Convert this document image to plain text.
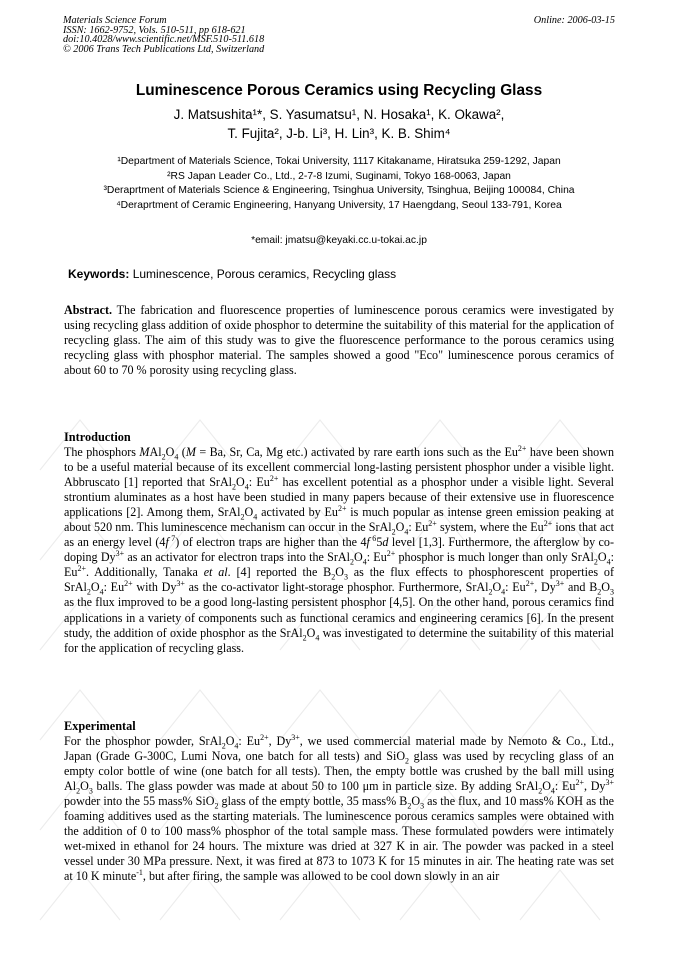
Materials Science Forum
ISSN: 1662-9752, Vols. 510-511, pp 618-621
doi:10.4028/www.scientific.net/MSF.510-511.618
© 2006 Trans Tech Publications Ltd, Switzerland
Online: 2006-03-15
Luminescence Porous Ceramics using Recycling Glass
J. Matsushita¹*, S. Yasumatsu¹, N. Hosaka¹, K. Okawa²,
T. Fujita², J-b. Li³, H. Lin³, K. B. Shim⁴
¹Department of Materials Science, Tokai University, 1117 Kitakaname, Hiratsuka 259-1292, Japan
²RS Japan Leader Co., Ltd., 2-7-8 Izumi, Suginami, Tokyo 168-0063, Japan
³Deraprtment of Materials Science & Engineering, Tsinghua University, Tsinghua, Beijing 100084, China
⁴Deraprtment of Ceramic Engineering, Hanyang University, 17 Haengdang, Seoul 133-791, Korea
*email: jmatsu@keyaki.cc.u-tokai.ac.jp
Keywords: Luminescence, Porous ceramics, Recycling glass
Abstract. The fabrication and fluorescence properties of luminescence porous ceramics were investigated by using recycling glass addition of oxide phosphor to determine the suitability of this material for the application of recycling glass. The aim of this study was to give the fluorescence performance to the porous ceramics using recycling glass with phosphor material. The samples showed a good "Eco" luminescence porous ceramics of about 60 to 70 % porosity using recycling glass.
Introduction
The phosphors $MAl_2O_4$ (M = Ba, Sr, Ca, Mg etc.) activated by rare earth ions such as the $Eu^{2+}$ have been shown to be a useful material because of its excellent commercial long-lasting persistent phosphor under a visible light. Abbruscato [1] reported that $SrAl_2O_4$: $Eu^{2+}$ has excellent potential as a phosphor under a visible light. Several strontium aluminates as a host have been studied in many papers because of their extensive use in fluorescence applications [2]. Among them, $SrAl_2O_4$ activated by $Eu^{2+}$ is much popular as intense green emission peaking at about 520 nm. This luminescence mechanism can occur in the $SrAl_2O_4$: $Eu^{2+}$ system, where the $Eu^{2+}$ ions that act as an energy level (4f $^7$) of electron traps are higher than the 4f $^6$5d level [1,3]. Furthermore, the afterglow by co-doping $Dy^{3+}$ as an activator for electron traps into the $SrAl_2O_4$: $Eu^{2+}$ phosphor is much longer than only $SrAl_2O_4$: $Eu^{2+}$. Additionally, Tanaka et al. [4] reported the $B_2O_3$ as the flux effects to phosphorescent properties of $SrAl_2O_4$: $Eu^{2+}$ with $Dy^{3+}$ as the co-activator light-storage phosphor. Furthermore, $SrAl_2O_4$: $Eu^{2+}$, $Dy^{3+}$ and $B_2O_3$ as the flux improved to be a good long-lasting persistent phosphor [4,5]. On the other hand, porous ceramics find applications in a variety of components such as functional ceramics and engineering ceramics [6]. In the present study, the addition of oxide phosphor as the $SrAl_2O_4$ was investigated to determine the suitability of this material for the application of recycling glass.
Experimental
For the phosphor powder, $SrAl_2O_4$: $Eu^{2+}$, $Dy^{3+}$, we used commercial material made by Nemoto & Co., Ltd., Japan (Grade G-300C, Lumi Nova, one batch for all tests) and SiO$_2$ glass was used by recycling glass of an empty color bottle of wine (one batch for all tests). Then, the empty bottle was crushed by the ball mill using $Al_2O_3$ balls. The glass powder was made at about 50 to 100 μm in particle size. By adding $SrAl_2O_4$: $Eu^{2+}$, $Dy^{3+}$ powder into the 55 mass% SiO$_2$ glass of the empty bottle, 35 mass% $B_2O_3$ as the flux, and 10 mass% KOH as the foaming additives used as the starting materials. The luminescence porous ceramics samples were obtained with the addition of 0 to 100 mass% phosphor of the total sample mass. These formulated powders were intimately wet-mixed in ethanol for 24 hours. The mixture was dried at 327 K in air. The powder was packed in a steel vessel under 30 MPa pressure. Next, it was fired at 873 to 1073 K for 15 minutes in air. The heating rate was set at 10 K minute$^{-1}$, but after firing, the sample was allowed to be cool down slowly in an air
